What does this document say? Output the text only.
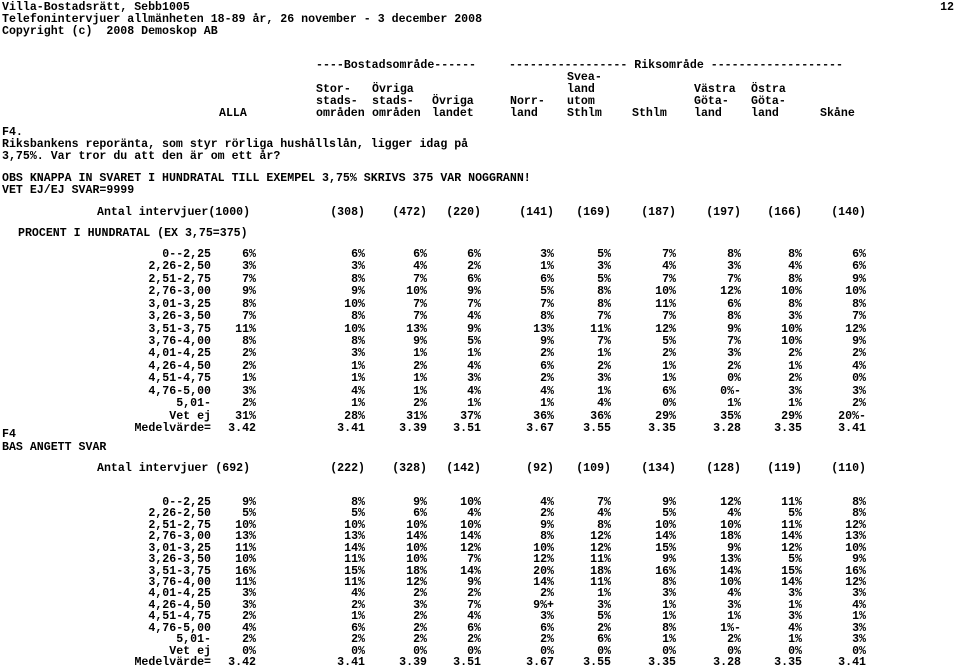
Villa-Bostadsrätt, Sebb1005
Telefonintervjuer allmänheten 18-89 år, 26 november - 3 december 2008
Copyright (c)  2008 Demoskop AB
12
----Bostadsområde------	----------------- Riksområde -------------------
Svea-
Stor- Övriga	land	Västra Östra
stads- stads- Övriga	Norr- utom	Göta- Göta-
ALLA	områden områden landet	land	Sthlm	Sthlm land	land	Skåne
F4.
Riksbankens reporänta, som styr rörliga hushållslån, ligger idag på
3,75%. Var tror du att den är om ett år?
OBS KNAPPA IN SVARET I HUNDRATAL TILL EXEMPEL 3,75% SKRIVS 375 VAR NOGGRANN!
VET EJ/EJ SVAR=9999
Antal intervjuer(1000)	(308) (472) (220)	(141) (169)	(187)	(197) (166)	(140)
PROCENT I HUNDRATAL (EX 3,75=375)
0--2,25	6%	6%	6%	6%	3%	5%	7%	8%	8%	6%
2,26-2,50	3%	3%	4%	2%	1%	3%	4%	3%	4%	6%
2,51-2,75	7%	8%	7%	6%	6%	5%	7%	7%	8%	9%
2,76-3,00	9%	9%	10%	9%	5%	8%	10%	12%	10%	10%
3,01-3,25	8%	10%	7%	7%	7%	8%	11%	6%	8%	8%
3,26-3,50	7%	8%	7%	4%	8%	7%	7%	8%	3%	7%
3,51-3,75 11%	10%	13%	9%	13%	11%	12%	9%	10%	12%
3,76-4,00	8%	8%	9%	5%	9%	7%	5%	7%	10%	9%
4,01-4,25	2%	3%	1%	1%	2%	1%	2%	3%	2%	2%
4,26-4,50	2%	1%	2%	4%	6%	2%	1%	2%	1%	4%
4,51-4,75	1%	1%	1%	3%	2%	3%	1%	0%	2%	0%
4,76-5,00	3%	4%	1%	4%	4%	1%	6%	0%-	3%	3%
5,01-	2%	1%	2%	1%	1%	4%	0%	1%	1%	2%
Vet ej 31%	28%	31%	37%	36%	36%	29%	35%	29%	20%-
Medelvärde= 3.42	3.41	3.39 3.51	3.67	3.55	3.35	3.28	3.35	3.41
F4
BAS ANGETT SVAR
Antal intervjuer (692)	(222) (328) (142)	(92) (109)	(134)	(128) (119)	(110)
0--2,25	9%	8%	9%	10%	4%	7%	9%	12%	11%	8%
2,26-2,50	5%	5%	6%	4%	2%	4%	5%	4%	5%	8%
2,51-2,75 10%	10%	10%	10%	9%	8%	10%	10%	11%	12%
2,76-3,00 13%	13%	14%	14%	8%	12%	14%	18%	14%	13%
3,01-3,25 11%	14%	10%	12%	10%	12%	15%	9%	12%	10%
3,26-3,50 10%	11%	10%	7%	12%	11%	9%	13%	5%	9%
3,51-3,75 16%	15%	18%	14%	20%	18%	16%	14%	15%	16%
3,76-4,00 11%	11%	12%	9%	14%	11%	8%	10%	14%	12%
4,01-4,25	3%	4%	2%	2%	2%	1%	3%	4%	3%	3%
4,26-4,50	3%	2%	3%	7%	9%+	3%	1%	3%	1%	4%
4,51-4,75	2%	1%	2%	4%	3%	5%	1%	1%	3%	1%
4,76-5,00	4%	6%	2%	6%	6%	2%	8%	1%-	4%	3%
5,01-	2%	2%	2%	2%	2%	6%	1%	2%	1%	3%
Vet ej	0%	0%	0%	0%	0%	0%	0%	0%	0%	0%
Medelvärde= 3.42	3.41	3.39 3.51	3.67	3.55	3.35	3.28	3.35	3.41
